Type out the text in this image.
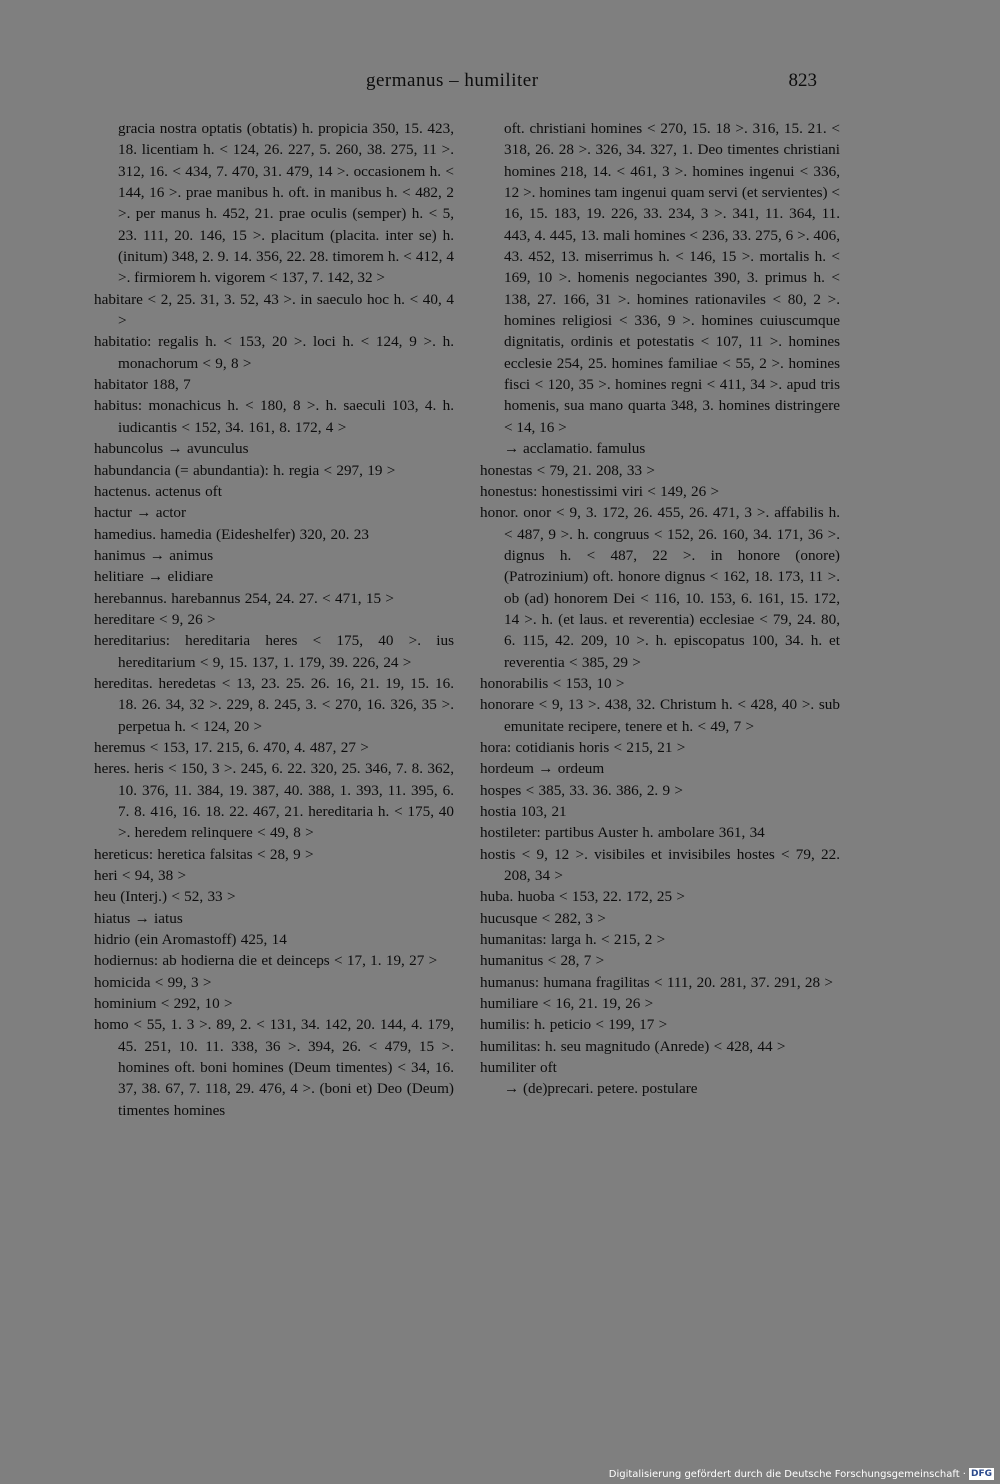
germanus – humiliter	823
gracia nostra optatis (obtatis) h. propicia 350, 15. 423, 18. licentiam h. < 124, 26. 227, 5. 260, 38. 275, 11 >. 312, 16. < 434, 7. 470, 31. 479, 14 >. occasionem h. < 144, 16 >. prae manibus h. oft. in manibus h. < 482, 2 >. per manus h. 452, 21. prae oculis (semper) h. < 5, 23. 111, 20. 146, 15 >. placitum (placita. inter se) h. (initum) 348, 2. 9. 14. 356, 22. 28. timorem h. < 412, 4 >. firmiorem h. vigorem < 137, 7. 142, 32 >
habitare < 2, 25. 31, 3. 52, 43 >. in saeculo hoc h. < 40, 4 >
habitatio: regalis h. < 153, 20 >. loci h. < 124, 9 >. h. monachorum < 9, 8 >
habitator 188, 7
habitus: monachicus h. < 180, 8 >. h. saeculi 103, 4. h. iudicantis < 152, 34. 161, 8. 172, 4 >
habuncolus → avunculus
habundancia (= abundantia): h. regia < 297, 19 >
hactenus. actenus oft
hactur → actor
hamedius. hamedia (Eideshelfer) 320, 20. 23
hanimus → animus
helitiare → elidiare
herebannus. harebannus 254, 24. 27. < 471, 15 >
hereditare < 9, 26 >
hereditarius: hereditaria heres < 175, 40 >. ius hereditarium < 9, 15. 137, 1. 179, 39. 226, 24 >
hereditas. heredetas < 13, 23. 25. 26. 16, 21. 19, 15. 16. 18. 26. 34, 32 >. 229, 8. 245, 3. < 270, 16. 326, 35 >. perpetua h. < 124, 20 >
heremus < 153, 17. 215, 6. 470, 4. 487, 27 >
heres. heris < 150, 3 >. 245, 6. 22. 320, 25. 346, 7. 8. 362, 10. 376, 11. 384, 19. 387, 40. 388, 1. 393, 11. 395, 6. 7. 8. 416, 16. 18. 22. 467, 21. hereditaria h. < 175, 40 >. heredem relinquere < 49, 8 >
hereticus: heretica falsitas < 28, 9 >
heri < 94, 38 >
heu (Interj.) < 52, 33 >
hiatus → iatus
hidrio (ein Aromastoff) 425, 14
hodiernus: ab hodierna die et deinceps < 17, 1. 19, 27 >
homicida < 99, 3 >
hominium < 292, 10 >
homo < 55, 1. 3 >. 89, 2. < 131, 34. 142, 20. 144, 4. 179, 45. 251, 10. 11. 338, 36 >. 394, 26. < 479, 15 >. homines oft. boni homines (Deum timentes) < 34, 16. 37, 38. 67, 7. 118, 29. 476, 4 >. (boni et) Deo (Deum) timentes homines
oft. christiani homines < 270, 15. 18 >. 316, 15. 21. < 318, 26. 28 >. 326, 34. 327, 1. Deo timentes christiani homines 218, 14. < 461, 3 >. homines ingenui < 336, 12 >. homines tam ingenui quam servi (et servientes) < 16, 15. 183, 19. 226, 33. 234, 3 >. 341, 11. 364, 11. 443, 4. 445, 13. mali homines < 236, 33. 275, 6 >. 406, 43. 452, 13. miserrimus h. < 146, 15 >. mortalis h. < 169, 10 >. homenis negociantes 390, 3. primus h. < 138, 27. 166, 31 >. homines rationaviles < 80, 2 >. homines religiosi < 336, 9 >. homines cuiuscumque dignitatis, ordinis et potestatis < 107, 11 >. homines ecclesie 254, 25. homines familiae < 55, 2 >. homines fisci < 120, 35 >. homines regni < 411, 34 >. apud tris homenis, sua mano quarta 348, 3. homines distringere < 14, 16 >
→ acclamatio. famulus
honestas < 79, 21. 208, 33 >
honestus: honestissimi viri < 149, 26 >
honor. onor < 9, 3. 172, 26. 455, 26. 471, 3 >. affabilis h. < 487, 9 >. h. congruus < 152, 26. 160, 34. 171, 36 >. dignus h. < 487, 22 >. in honore (onore) (Patrozinium) oft. honore dignus < 162, 18. 173, 11 >. ob (ad) honorem Dei < 116, 10. 153, 6. 161, 15. 172, 14 >. h. (et laus. et reverentia) ecclesiae < 79, 24. 80, 6. 115, 42. 209, 10 >. h. episcopatus 100, 34. h. et reverentia < 385, 29 >
honorabilis < 153, 10 >
honorare < 9, 13 >. 438, 32. Christum h. < 428, 40 >. sub emunitate recipere, tenere et h. < 49, 7 >
hora: cotidianis horis < 215, 21 >
hordeum → ordeum
hospes < 385, 33. 36. 386, 2. 9 >
hostia 103, 21
hostileter: partibus Auster h. ambolare 361, 34
hostis < 9, 12 >. visibiles et invisibiles hostes < 79, 22. 208, 34 >
huba. huoba < 153, 22. 172, 25 >
hucusque < 282, 3 >
humanitas: larga h. < 215, 2 >
humanitus < 28, 7 >
humanus: humana fragilitas < 111, 20. 281, 37. 291, 28 >
humiliare < 16, 21. 19, 26 >
humilis: h. peticio < 199, 17 >
humilitas: h. seu magnitudo (Anrede) < 428, 44 >
humiliter oft
→ (de)precari. petere. postulare
Digitalisierung gefördert durch die Deutsche Forschungsgemeinschaft · DFG
